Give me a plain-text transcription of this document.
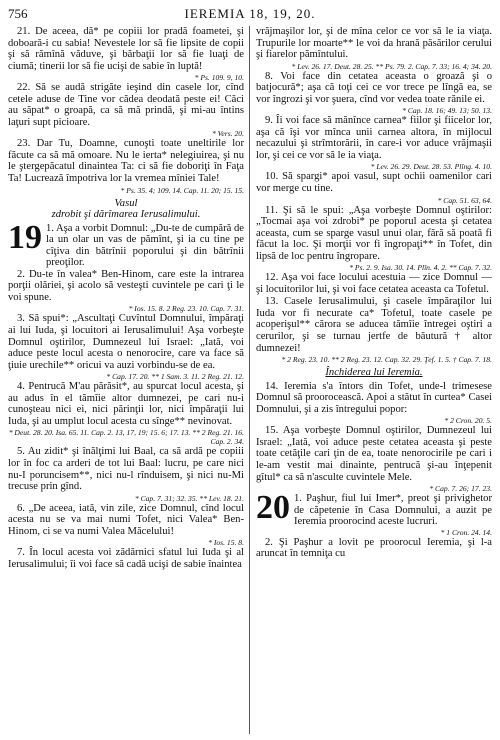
756	IEREMIA 18, 19, 20.

21. De aceea, dă* pe copiii lor pradă foametei, şi doboară-i cu sabia! Nevestele lor să fie lipsite de copii şi să rămînă văduve, şi bărbaţii lor să fie luaţi de ciumă; tinerii lor să fie ucişi de sabie în luptă!

* Ps. 109. 9, 10.

22. Să se audă strigăte ieşind din casele lor, cînd cetele aduse de Tine vor cădea deodată peste ei! Căci au săpat* o groapă, ca să mă prindă, şi mi-au întins laţuri supt picioare.

* Vers. 20.

23. Dar Tu, Doamne, cunoşti toate uneltirile lor făcute ca să mă omoare. Nu le ierta* nelegiuirea, şi nu le ştergepăcatul dinaintea Ta: ci să fie doboriţi în Faţa Ta! Lucrează împotriva lor la vremea mîniei Tale!

* Ps. 35. 4; 109. 14. Cap. 11. 20; 15. 15.
Vasul
zdrobit şi dărîmarea Ierusalimului.
19 1. Aşa a vorbit Domnul: „Du-te de cumpără de la un olar un vas de pămînt, şi ia cu tine pe cîţiva din bătrînii poporului şi din bătrînii preoţilor.

2. Du-te în valea* Ben-Hinom, care este la intrarea porţii olăriei, şi acolo să vesteşti cuvintele pe cari ţi le voi spune.

* Ios. 15. 8. 2 Reg. 23. 10. Cap. 7. 31.

3. Să spui*: „Ascultaţi Cuvîntul Domnului, împăraţi ai lui Iuda, şi locuitori ai Ierusalimului! Aşa vorbeşte Domnul oştirilor, Dumnezeul lui Israel: „Iată, voi aduce peste locul acesta o nenorocire, care va face să ţiuie urechile** oricui va auzi vorbindu-se de ea.

* Cap. 17. 20. ** 1 Sam. 3. 11. 2 Reg. 21. 12.

4. Pentrucă M'au părăsit*, au spurcat locul acesta, şi au adus în el tămîie altor dumnezei, pe cari nu-i cunoşteau nici ei, nici părinţii lor, nici împăraţii lui Iuda, şi au umplut locul acesta cu sînge** nevinovat.

* Deut. 28. 20. Isa. 65. 11. Cap. 2. 13, 17, 19; 15. 6; 17. 13. ** 2 Reg. 21. 16. Cap. 2. 34.

5. Au zidit* şi înălţimi lui Baal, ca să ardă pe copiii lor în foc ca arderi de tot lui Baal: lucru, pe care nici nu-I poruncisem**, nici nu-l rînduisem, şi nici nu-Mi trecuse prin gînd.

* Cap. 7. 31; 32. 35. ** Lev. 18. 21.

6. „De aceea, iată, vin zile, zice Domnul, cînd locul acesta nu se va mai numi Tofet, nici Valea* Ben-Hinom, ci se va numi Valea Măcelului!

* Ios. 15. 8.

7. În locul acesta voi zădărnici sfatul lui Iuda şi al Ierusalimului; îi voi face să cadă ucişi de sabie înaintea

vrăjmaşilor lor, şi de mîna celor ce vor să le ia viaţa. Trupurile lor moarte** le voi da hrană păsărilor cerului şi fiarelor pămîntului.

* Lev. 26. 17. Deut. 28. 25. ** Ps. 79. 2. Cap. 7. 33; 16. 4; 34. 20.

8. Voi face din cetatea aceasta o groază şi o batjocură*; aşa că toţi cei ce vor trece pe lîngă ea, se vor îngrozi şi vor şuera, cînd vor vedea toate rănile ei.

* Cap. 18. 16; 49. 13; 50. 13.

9. Îi voi face să mănînce carnea* fiilor şi fiicelor lor, aşa că îşi vor mînca unii carnea altora, în mijlocul necazului şi strîmtorării, în care-i vor aduce vrăjmaşii lor, şi cei ce vor să le ia viaţa.

* Lev. 26. 29. Deut. 28. 53. Plîng. 4. 10.

10. Să spargi* apoi vasul, supt ochii oamenilor cari vor merge cu tine.

* Cap. 51. 63, 64.

11. Şi să le spui: „Aşa vorbeşte Domnul oştirilor: „Tocmai aşa voi zdrobi* pe poporul acesta şi cetatea aceasta, cum se sparge vasul unui olar, fără să poată fi făcut la loc. Şi morţii vor fi îngropaţi** în Tofet, din lipsă de loc pentru îngropare.

* Ps. 2. 9. Isa. 30. 14. Plîn. 4. 2. ** Cap. 7. 32.

12. Aşa voi face locului acestuia — zice Domnul — şi locuitorilor lui, şi voi face cetatea aceasta ca Tofetul.

13. Casele Ierusalimului, şi casele împăraţilor lui Iuda vor fi necurate ca* Tofetul, toate casele pe acoperişul** cărora se aducea tămîie întregei oştiri a cerurilor, şi se turnau jertfe de băutură † altor dumnezei!

* 2 Reg. 23. 10. ** 2 Reg. 23. 12. Cap. 32. 29. Ţef. 1. 5. † Cap. 7. 18.
Închiderea lui Ieremia.

14. Ieremia s'a întors din Tofet, unde-l trimesese Domnul să proorocească. Apoi a stătut în curtea* Casei Domnului, şi a zis întregului popor:

* 2 Cron. 20. 5.

15. Aşa vorbeşte Domnul oştirilor, Dumnezeul lui Israel: „Iată, voi aduce peste cetatea aceasta şi peste toate cetăţile cari ţin de ea, toate nenorocirile pe cari i le-am vestit mai dinainte, pentrucă şi-au înţepenit gîtul* ca să n'asculte cuvintele Mele.

* Cap. 7. 26; 17. 23.
20 1. Paşhur, fiul lui Imer*, preot şi privighetor de căpetenie în Casa Domnului, a auzit pe Ieremia proorocind aceste lucruri.
* 1 Cron. 24. 14.

2. Şi Paşhur a lovit pe proorocul Ieremia, şi l-a aruncat în temniţa cu
